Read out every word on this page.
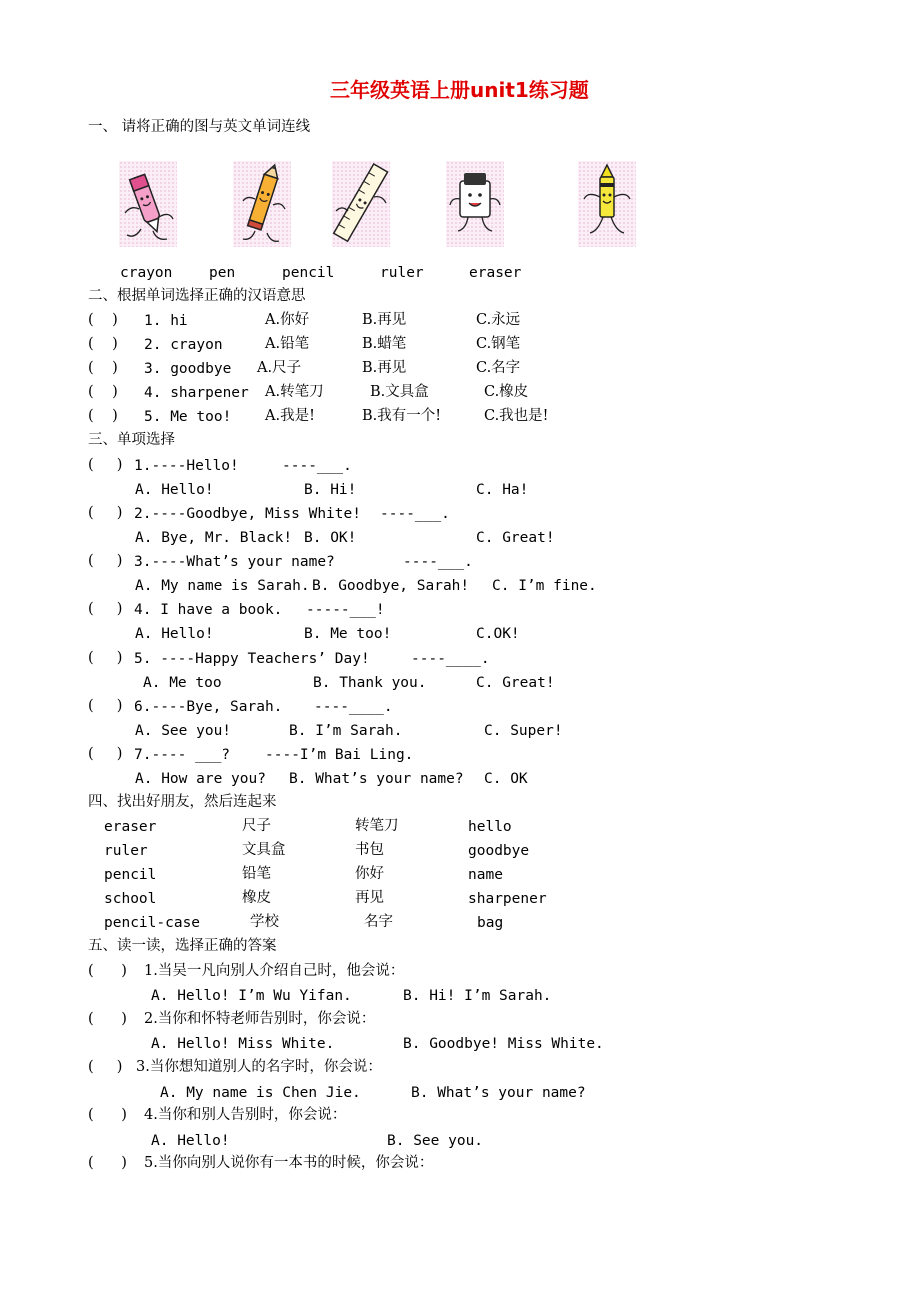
三年级英语上册unit1练习题
一、 请将正确的图与英文单词连线
crayon	pen	pencil	ruler	eraser
二、根据单词选择正确的汉语意思
(    ) 1. hi	A.你好	B.再见	C.永远
(    ) 2. crayon	A.铅笔	B.蜡笔	C.钢笔
(    ) 3. goodbye A.尺子	B.再见	C.名字
(    ) 4. sharpener A.转笔刀	B.文具盒	C.橡皮
(    ) 5. Me too! A.我是!	B.我有一个!	C.我也是!
三、单项选择
(     ) 1.----Hello!	----___.
A. Hello!	B. Hi!	C. Ha!
(     ) 2.----Goodbye, Miss White! ----___.
A. Bye, Mr. Black! B. OK!	C. Great!
(     ) 3.----What’s your name?	----___.
A. My name is Sarah. B. Goodbye, Sarah! C. I’m fine.
(     ) 4. I have a book. -----___!
A. Hello!	B. Me too!	C.OK!
(     ) 5. ----Happy Teachers’ Day!	----____.
A. Me too	B. Thank you.	C. Great!
(     ) 6.----Bye, Sarah. ----____.
A. See you!	B. I’m Sarah.	C. Super!
(     ) 7.---- ___? ----I’m Bai Ling.
A. How are you? B. What’s your name? C. OK
四、找出好朋友，然后连起来
eraser	尺子	转笔刀	hello
ruler	文具盒	书包	goodbye
pencil	铅笔	你好	name
school	橡皮	再见	sharpener
pencil-case	学校	名字	bag
五、读一读，选择正确的答案
(      ) 1.当吴一凡向别人介绍自己时，他会说：
A. Hello! I’m Wu Yifan.	B. Hi! I’m Sarah.
(      ) 2.当你和怀特老师告别时，你会说：
A. Hello! Miss White.	B. Goodbye! Miss White.
(     ) 3.当你想知道别人的名字时，你会说：
A. My name is Chen Jie.	B. What’s your name?
(      ) 4.当你和别人告别时，你会说：
A. Hello!	B. See you.
(      ) 5.当你向别人说你有一本书的时候，你会说：
